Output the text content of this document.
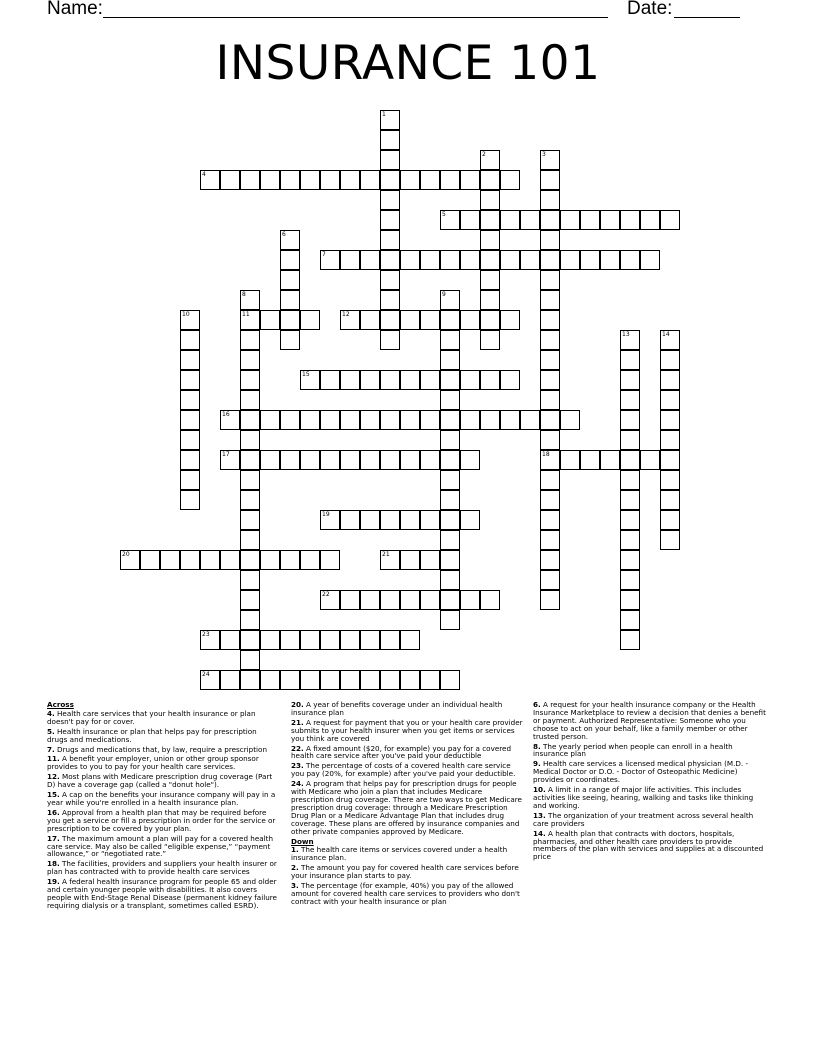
Name:	Date:
INSURANCE 101
1
2	3
18
6
8
11
9
10
13	14
4
5
7
12
15
16
17
19
20	21
22
23
24
Across
4. Health care services that your health insurance or plan doesn't pay for or cover.
5. Health insurance or plan that helps pay for prescription drugs and medications.
7. Drugs and medications that, by law, require a prescription
11. A benefit your employer, union or other group sponsor provides to you to pay for your health care services.
12. Most plans with Medicare prescription drug coverage (Part D) have a coverage gap (called a "donut hole").
15. A cap on the benefits your insurance company will pay in a year while you're enrolled in a health insurance plan.
16. Approval from a health plan that may be required before you get a service or fill a prescription in order for the service or prescription to be covered by your plan.
17. The maximum amount a plan will pay for a covered health care service. May also be called “eligible expense,” “payment allowance,” or “negotiated rate.”
18. The facilities, providers and suppliers your health insurer or plan has contracted with to provide health care services
19. A federal health insurance program for people 65 and older and certain younger people with disabilities. It also covers people with End-Stage Renal Disease (permanent kidney failure requiring dialysis or a transplant, sometimes called ESRD).
20. A year of benefits coverage under an individual health insurance plan
21. A request for payment that you or your health care provider submits to your health insurer when you get items or services you think are covered
22. A fixed amount ($20, for example) you pay for a covered health care service after you've paid your deductible
23. The percentage of costs of a covered health care service you pay (20%, for example) after you've paid your deductible.
24. A program that helps pay for prescription drugs for people with Medicare who join a plan that includes Medicare prescription drug coverage. There are two ways to get Medicare prescription drug coverage: through a Medicare Prescription Drug Plan or a Medicare Advantage Plan that includes drug coverage. These plans are offered by insurance companies and other private companies approved by Medicare.
Down
1. The health care items or services covered under a health insurance plan.
2. The amount you pay for covered health care services before your insurance plan starts to pay.
3. The percentage (for example, 40%) you pay of the allowed amount for covered health care services to providers who don't contract with your health insurance or plan
6. A request for your health insurance company or the Health Insurance Marketplace to review a decision that denies a benefit or payment. Authorized Representative: Someone who you choose to act on your behalf, like a family member or other trusted person.
8. The yearly period when people can enroll in a health insurance plan
9. Health care services a licensed medical physician (M.D. - Medical Doctor or D.O. - Doctor of Osteopathic Medicine) provides or coordinates.
10. A limit in a range of major life activities. This includes activities like seeing, hearing, walking and tasks like thinking and working.
13. The organization of your treatment across several health care providers
14. A health plan that contracts with doctors, hospitals, pharmacies, and other health care providers to provide members of the plan with services and supplies at a discounted price
